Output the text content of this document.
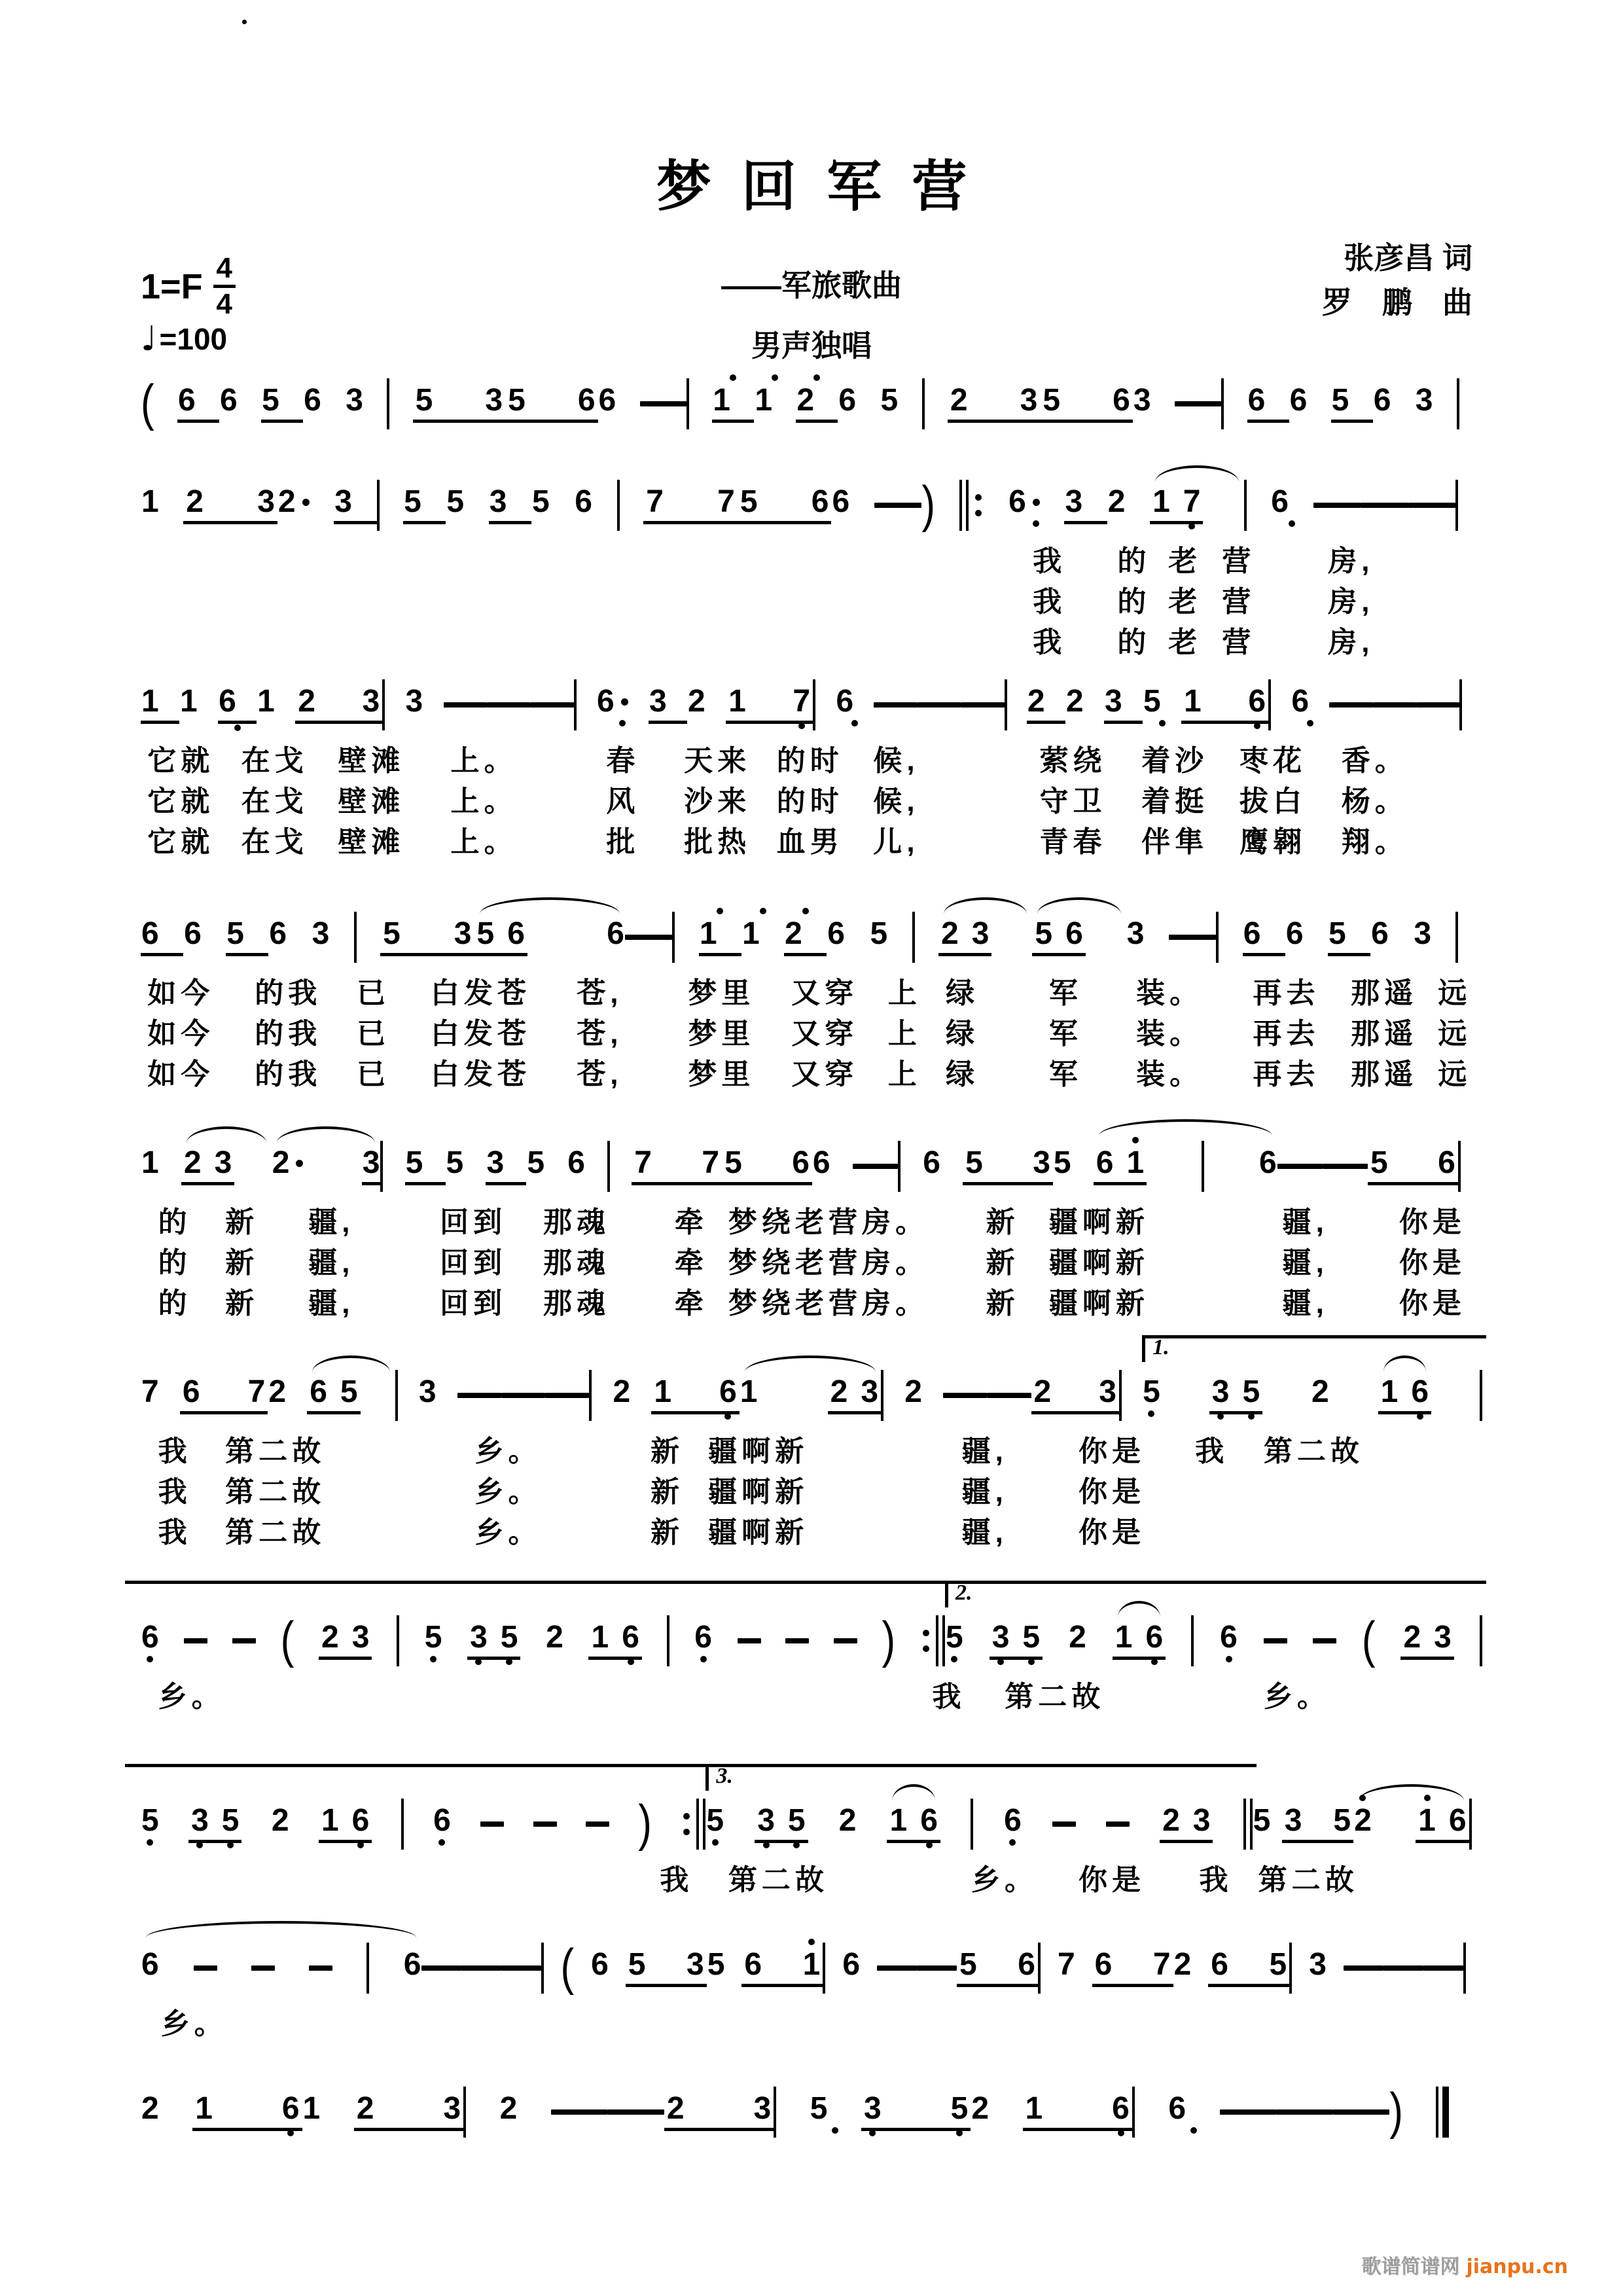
梦回军营
1=F 4
4
♩ =100
——军旅歌曲
男声独唱
张彦昌 词
罗　鹏　曲
( 6 6 5 6 3 5 3 5 6 6	1 1 2 6 5 2 3 5 6 3	6 6 5 6 3
1 2 3 2 3 5 5 3 5 6 7 7 5 6 6 )	6 3 2 1 7 6
我 的 老 营	房,
我 的 老 营	房,
我 的 老 营	房,
1 1 6 1 2 3 3	6 3 2 1 7 6	2 2 3 5 1 6 6
它就 在戈 壁滩 上。	春 天来 的时 候,	萦绕 着沙 枣花 香。
它就 在戈 壁滩 上。	风 沙来 的时 候,	守卫 着挺 拔白 杨。
它就 在戈 壁滩 上。	批 批热 血男 儿,	青春 伴隼 鹰翱 翔。
6 6 5 6 3 5 3 5 6	6 1 1 2 6 5 2 3 5 6 3	6 6 5 6 3
如今 的我 已 白发苍 苍, 梦里 又穿 上 绿 军 装。 再去 那遥 远
如今 的我 已 白发苍 苍, 梦里 又穿 上 绿 军 装。 再去 那遥 远
如今 的我 已 白发苍 苍, 梦里 又穿 上 绿 军 装。 再去 那遥 远
1 2 3 2 3 5 5 3 5 6 7 7 5 6 6	6 5 3 5 6 1	6	5 6
的 新 疆,	回到 那魂 牵 梦绕老营房。 新 疆啊新	疆, 你是
的 新 疆,	回到 那魂 牵 梦绕老营房。 新 疆啊新	疆, 你是
的 新 疆,	回到 那魂 牵 梦绕老营房。 新 疆啊新	疆, 你是
7 6 7 2 6 5 3	2 1 6 1 2 3 2	2 3
1.
5 3 5 2 1 6
我 第二故	乡。	新 疆啊新	疆, 你是 我 第二故
我 第二故	乡。	新 疆啊新	疆, 你是
我 第二故	乡。	新 疆啊新	疆, 你是
6	( 2 3 5 3 5 2 1 6 6	)
2.
5 3 5 2 1 6 6	( 2 3
乡。	我 第二故	乡。
5 3 5 2 1 6 6	)
3.
5 3 5 2 1 6 6	2 3 5 3 5 2 1 6
我 第二故	乡。 你是 我 第二故
6	6	( 6 5 3 5 6 1 6	5 6 7 6 7 2 6 5 3
乡。
2 1 6 1 2 3 2	2 3 5 3 5 2 1 6 6	)
歌谱简谱网 jianpu.cn
